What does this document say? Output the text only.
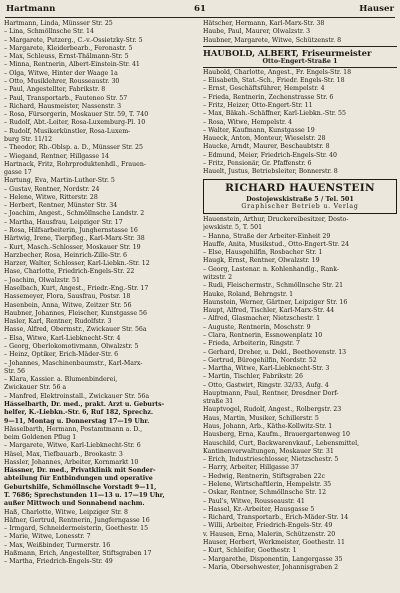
Hartmann	61	Hauser
Hartmann, Linda, Münsser Str. 25
– Lina, Schmöllnsche Str. 14
– Margarete, Putzerg., C.-v.-Ossietzky-Str. 5
– Margarete, Kleiderbearb., Feronastr. 5
– Max, Schleuss, Ernst-Thälmann-Str. 5
– Minna, Rentnerin, Albert-Einstein-Str. 41
– Olga, Witwe, Hinter der Waage 1a
– Otto, Musiklehrer, Rousseaustr. 30
– Paul, Angestellter, Fabrikstr. 8
– Paul, Transportarb., Fauteneo Str. 57
– Richard, Hausmeister, Nassenstr. 3
– Rosa, Fürsorgerin, Moskauer Str. 59, T. 740
– Rudolf, Abt.-Leiter, Rosa-Luxemburg-Pl. 10
– Rudolf, Musikerkünstler, Rosa-Luxem-
burg Str. 11/12
– Theodor, Rb.-Oblsp. a. D., Münsser Str. 25
– Wiegand, Rentner, Hillgasse 14
Hartnack, Fritz, Rohrproduktenhdl., Frauen-
gasse 17
Hartung, Eva, Martin-Luther-Str. 5
– Gustav, Rentner, Nordstr. 24
– Helene, Witwe, Ritterstr. 28
– Herbert, Rentner, Münster Str. 34
– Joachim, Angest., Schmöllnsche Landstr. 2
– Martha, Hausfrau, Leipziger Str. 17
– Rosa, Hilfsarbeiterin, Junghernstasse 16
Härtwig, Irene, Tierpfleg., Karl-Marx-Str. 38
– Kurt, Masch.-Schlosser, Moskauer Str. 19
Harzbecher, Rosa, Heinrich-Zille-Str. 6
Harzer, Walter, Schlosser, Karl-Liebkn.-Str. 12
Hase, Charlotte, Friedrich-Engels-Str. 22
– Joachim, Ölwalzstr. 51
Haselbach, Kurt, Angest., Friedr.-Eng.-Str. 17
Hassemeyer, Flora, Sausfrau, Postsr. 18
Hasenbein, Anna, Witwe, Zeitzer Str. 56
Haubner, Johannes, Fleischer, Kunstgasse 56
Hasler, Karl, Rentner, Rudolfstr. 3
Hasse, Alfred, Obermstr., Zwickauer Str. 56a
– Elsa, Witwe, Karl-Liebknecht-Str. 4
– Georg, Oberlokomotivmann, Ölwalzstr. 5
– Heinz, Optiker, Erich-Mäder-Str. 6
– Johannes, Maschinenbaumstr., Karl-Marx-
Str. 56
– Klara, Kassier. a. Blumenbindereí,
Zwickauer Str. 56 a
– Manfred, Elektroinstall., Zwickauer Str. 56a
Hässelbarth, Dr. med., prakt. Arzt u. Geburts-
helfer, K.-Liebkn.-Str. 6, Ruf 182, Sprechz.
9—11, Montag u. Donnerstag 17—19 Uhr.
Hässelbarth, Hermann, Postamtmann a. D.,
beim Goldenen Pflug 1
– Margarete, Witwe, Karl-Liebknecht-Str. 6
Häsel, Max, Tiefbauarb., Brookastr. 3
Hassler, Johannes, Arbeiter, Kornmarkt 10
Hässner, Dr. med., Privatklinik mit Sonder-
abteilung für Entbindungen und operative
Geburtshilfe, Schmöllnsche Vorstadt 9—11,
T. 7686; Sprechstunden 11—13 u. 17—19 Uhr,
außer Mittwoch und Sonnabend nachm.
Haß, Charlotte, Witwe, Leipziger Str. 8
Häfner, Gertrud, Rentnerin, Jungferngasse 16
– Irmgard, Schneidermeisterin, Goethestr. 15
– Marie, Witwe, Lonesstr. 7
– Max, Weißbinder, Turmerstr. 16
Haßmann, Erich, Angestellter, Stiftsgraben 17
– Martha, Friedrich-Engels-Str. 49
Hätscher, Hermann, Karl-Marx-Str. 38
Haube, Paul, Maurer, Ölwalzstr. 3
Haubner, Margarete, Witwe, Schützenstr. 8
HAUBOLD, ALBERT, Friseurmeister
Otto-Engert-Straße 1
Haubold, Charlotte, Angest., Fr. Engels-Str. 18
– Elisabeth, Stat.-Sch., Friedr. Engels-Str. 18
– Ernst, Geschäftsführer, Hempelstr. 4
– Frieda, Rentnerin, Zechenstrasse Str. 6
– Fritz, Heizer, Otto-Engert-Str. 11
– Max, Bäkah.-Schäffner, Karl-Liebkn.-Str. 55
– Rosa, Witwe, Hempelstr. 4
– Walter, Kaufmann, Kunstgasse 19
Haueck, Anton, Monteur, Wieselstr. 28
Haucke, Arndt, Maurer, Beschaubtstr. 8
– Edmund, Meier, Friedrich-Engels-Str. 40
– Fritz, Pensionär, Gr. Pfaffenstr. 6
Hauelt, Justus, Betriebsleiter, Bonnerstr. 8
RICHARD HAUENSTEIN
Dostojewskistraße 5 / Tel. 501
Graphischer Betrieb u. Verlag
Hauenstein, Arthur, Druckereibesitzer, Dosto-
jewskistr. 5, T. 501
– Hanna, Straße der Arbeiter-Einheit 29
Hauffe, Anita, Musikstud., Otto-Engert-Str. 24
– Else, Hausgehilfin, Rosbacher Str. 1
Haugk, Ernst, Rentner, Ölwalzstr. 19
– Georg, Lastenar. n. Kohlenhandlg., Rank-
witzstr. 2
– Rudi, Fleischermstr., Schmöllnsche Str. 21
Hauke, Roland, Behrngstr. 1
Haunstein, Werner, Gärtner, Leipziger Str. 16
Haupt, Alfred, Tischler, Karl-Marx-Str. 44
– Alfred, Glasmacher, Nietzschestr. 1
– Auguste, Rentnerin, Moschstr. 9
– Clara, Rentnerin, Essnowenplatz 10
– Frieda, Arbeiterin, Ringstr. 7
– Gerhard, Dreher, u. Dekl., Beethovenstr. 13
– Gertrud, Bürogehilfin, Nordstr. 52
– Martha, Witwe, Karl-Liebknecht-Str. 3
– Martin, Tischler, Fabrikstr. 26
– Otto, Gastwirt, Ringstr. 32/33, Aufg. 4
Hauptmann, Paul, Rentner, Dresdner Dorf-
straße 31
Hauptvogel, Rudolf, Angest., Rolbergstr. 23
Haus, Martin, Musiker, Schillerstr. 5
Haus, Johann, Arb., Käthe-Kollwitz-Str. 1
Hausberg, Erna, Kaufm., Brauergartenweg 10
Hauschild, Curt, Backwarenvkauf., Lebensmittel,
Kantinenverwaltungen, Moskauer Str. 31
– Erich, Industrieschlosser, Nietzschestr. 5
– Harry, Arbeiter, Hillgasse 37
– Hedwig, Rentnerin, Stiftsgraben 22c
– Helene, Wirtschaftlerin, Hempelstr. 35
– Oskar, Rentner, Schmöllnsche Str. 12
– Paul's, Witwe, Rousseaustr. 41
– Hassel, Kr.-Arbeiter, Hausgasse 5
– Richard, Transportarb., Erich-Mäder-Str. 14
– Willi, Arbeiter, Friedrich-Engels-Str. 49
v. Hausen, Erna, Malerin, Schützenstr. 20
Hauser, Herbert, Werkmeister, Goethestr. 11
– Kurt, Schleifer, Goethestr. 1
– Margarethe, Disponentin, Langergasse 35
– Maria, Obersehwester, Johannisgraben 2
